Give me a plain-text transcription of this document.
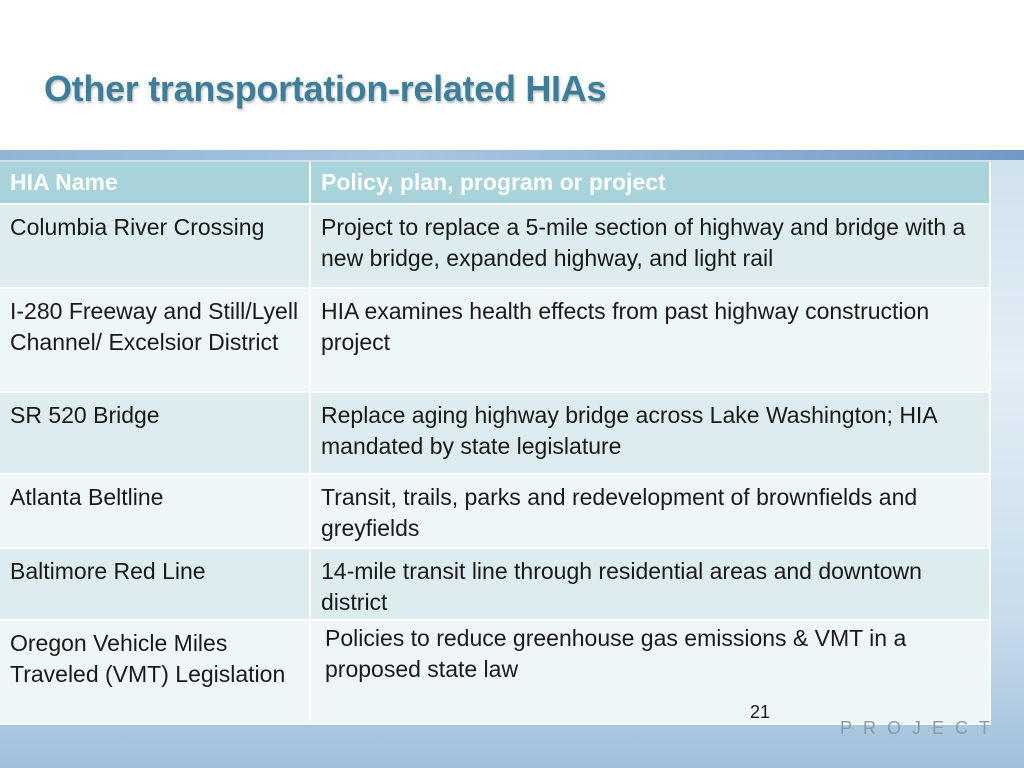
Other transportation-related HIAs
HIA Name	Policy, plan, program or project
Columbia River Crossing	Project to replace a 5-mile section of highway and bridge with a new bridge, expanded highway, and light rail
I-280 Freeway and Still/Lyell Channel/ Excelsior District	HIA examines health effects from past highway construction project
SR 520 Bridge	Replace aging highway bridge across Lake Washington; HIA mandated by state legislature
Atlanta Beltline	Transit, trails, parks and redevelopment of brownfields and greyfields
Baltimore Red Line	14-mile transit line through residential areas and downtown district
Oregon Vehicle Miles Traveled (VMT) Legislation	Policies to reduce greenhouse gas emissions & VMT in a proposed state law
21
PROJECT
